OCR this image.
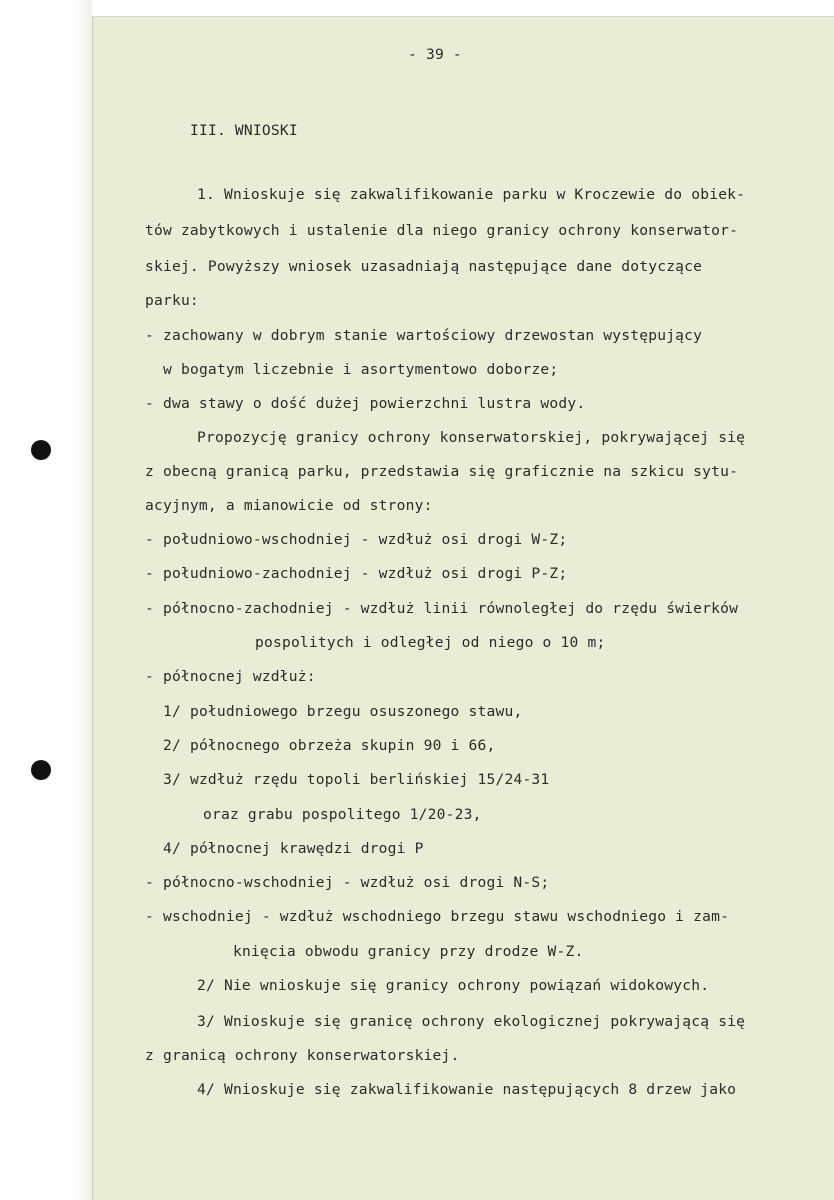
- 39 -
III. WNIOSKI
1. Wnioskuje się zakwalifikowanie parku w Kroczewie do obiek-
tów zabytkowych i ustalenie dla niego granicy ochrony konserwator-
skiej. Powyższy wniosek uzasadniają następujące dane dotyczące
parku:
- zachowany w dobrym stanie wartościowy drzewostan występujący
w bogatym liczebnie i asortymentowo doborze;
- dwa stawy o dość dużej powierzchni lustra wody.
Propozycję granicy ochrony konserwatorskiej, pokrywającej się
z obecną granicą parku, przedstawia się graficznie na szkicu sytu-
acyjnym, a mianowicie od strony:
- południowo-wschodniej - wzdłuż osi drogi W-Z;
- południowo-zachodniej - wzdłuż osi drogi P-Z;
- północno-zachodniej - wzdłuż linii równoległej do rzędu świerków
pospolitych i odległej od niego o 10 m;
- północnej wzdłuż:
1/ południowego brzegu osuszonego stawu,
2/ północnego obrzeża skupin 90 i 66,
3/ wzdłuż rzędu topoli berlińskiej 15/24-31
oraz grabu pospolitego 1/20-23,
4/ północnej krawędzi drogi P
- północno-wschodniej - wzdłuż osi drogi N-S;
- wschodniej - wzdłuż wschodniego brzegu stawu wschodniego i zam-
knięcia obwodu granicy przy drodze W-Z.
2/ Nie wnioskuje się granicy ochrony powiązań widokowych.
3/ Wnioskuje się granicę ochrony ekologicznej pokrywającą się
z granicą ochrony konserwatorskiej.
4/ Wnioskuje się zakwalifikowanie następujących 8 drzew jako
